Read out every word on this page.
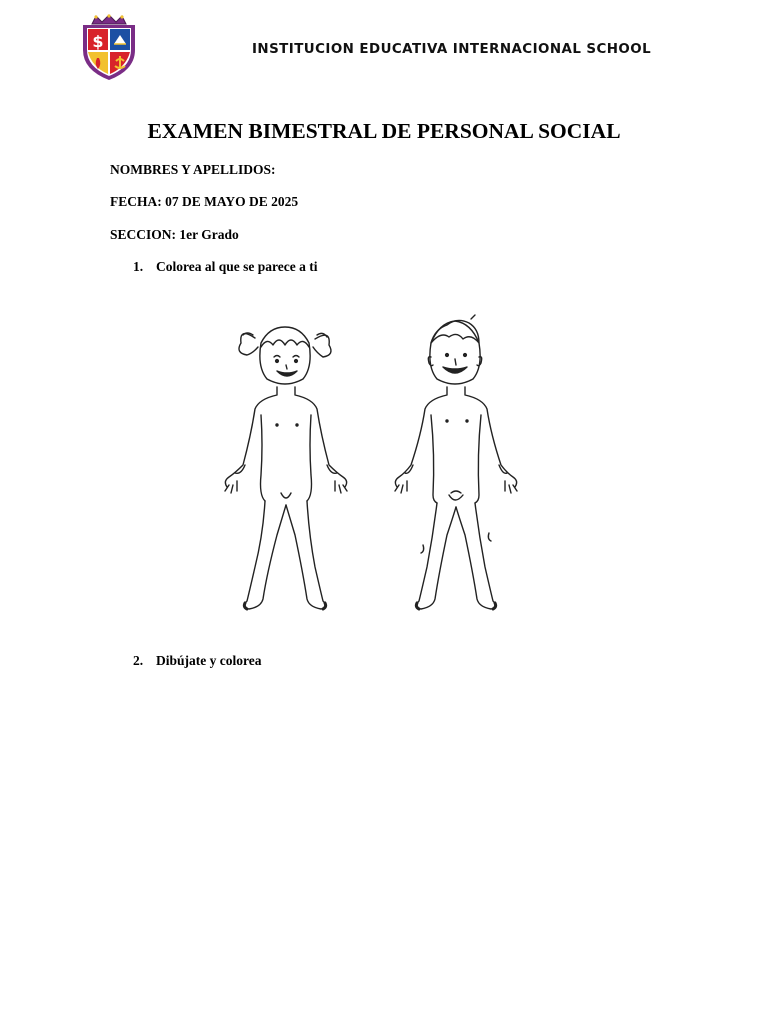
$	INSTITUCION EDUCATIVA INTERNACIONAL SCHOOL
EXAMEN BIMESTRAL DE PERSONAL SOCIAL
NOMBRES Y APELLIDOS:
FECHA: 07 DE MAYO DE 2025
SECCION: 1er Grado
1. Colorea al que se parece a ti
2. Dibújate y colorea
